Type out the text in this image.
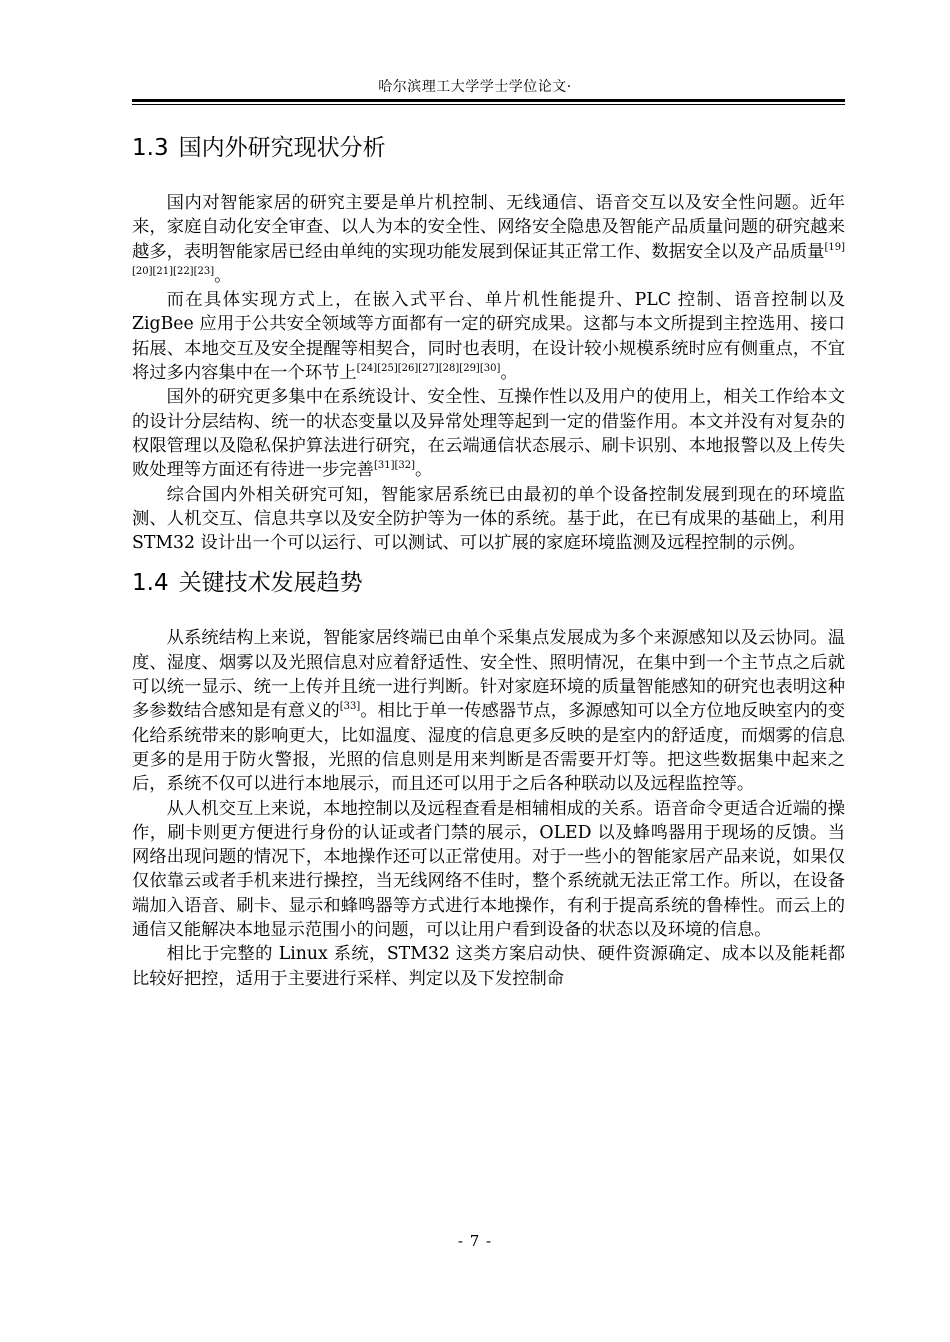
哈尔滨理工大学学士学位论文·
1.3 国内外研究现状分析

国内对智能家居的研究主要是单片机控制、无线通信、语音交互以及安全性问题。近年来，家庭自动化安全审查、以人为本的安全性、网络安全隐患及智能产品质量问题的研究越来越多，表明智能家居已经由单纯的实现功能发展到保证其正常工作、数据安全以及产品质量[19][20][21][22][23]。

而在具体实现方式上，在嵌入式平台、单片机性能提升、PLC 控制、语音控制以及 ZigBee 应用于公共安全领域等方面都有一定的研究成果。这都与本文所提到主控选用、接口拓展、本地交互及安全提醒等相契合，同时也表明，在设计较小规模系统时应有侧重点，不宜将过多内容集中在一个环节上[24][25][26][27][28][29][30]。

国外的研究更多集中在系统设计、安全性、互操作性以及用户的使用上，相关工作给本文的设计分层结构、统一的状态变量以及异常处理等起到一定的借鉴作用。本文并没有对复杂的权限管理以及隐私保护算法进行研究，在云端通信状态展示、刷卡识别、本地报警以及上传失败处理等方面还有待进一步完善[31][32]。

综合国内外相关研究可知，智能家居系统已由最初的单个设备控制发展到现在的环境监测、人机交互、信息共享以及安全防护等为一体的系统。基于此，在已有成果的基础上，利用 STM32 设计出一个可以运行、可以测试、可以扩展的家庭环境监测及远程控制的示例。

1.4 关键技术发展趋势

从系统结构上来说，智能家居终端已由单个采集点发展成为多个来源感知以及云协同。温度、湿度、烟雾以及光照信息对应着舒适性、安全性、照明情况，在集中到一个主节点之后就可以统一显示、统一上传并且统一进行判断。针对家庭环境的质量智能感知的研究也表明这种多参数结合感知是有意义的[33]。相比于单一传感器节点，多源感知可以全方位地反映室内的变化给系统带来的影响更大，比如温度、湿度的信息更多反映的是室内的舒适度，而烟雾的信息更多的是用于防火警报，光照的信息则是用来判断是否需要开灯等。把这些数据集中起来之后，系统不仅可以进行本地展示，而且还可以用于之后各种联动以及远程监控等。

从人机交互上来说，本地控制以及远程查看是相辅相成的关系。语音命令更适合近端的操作，刷卡则更方便进行身份的认证或者门禁的展示，OLED 以及蜂鸣器用于现场的反馈。当网络出现问题的情况下，本地操作还可以正常使用。对于一些小的智能家居产品来说，如果仅仅依靠云或者手机来进行操控，当无线网络不佳时，整个系统就无法正常工作。所以，在设备端加入语音、刷卡、显示和蜂鸣器等方式进行本地操作，有利于提高系统的鲁棒性。而云上的通信又能解决本地显示范围小的问题，可以让用户看到设备的状态以及环境的信息。

相比于完整的 Linux 系统，STM32 这类方案启动快、硬件资源确定、成本以及能耗都比较好把控，适用于主要进行采样、判定以及下发控制命

- 7 -
